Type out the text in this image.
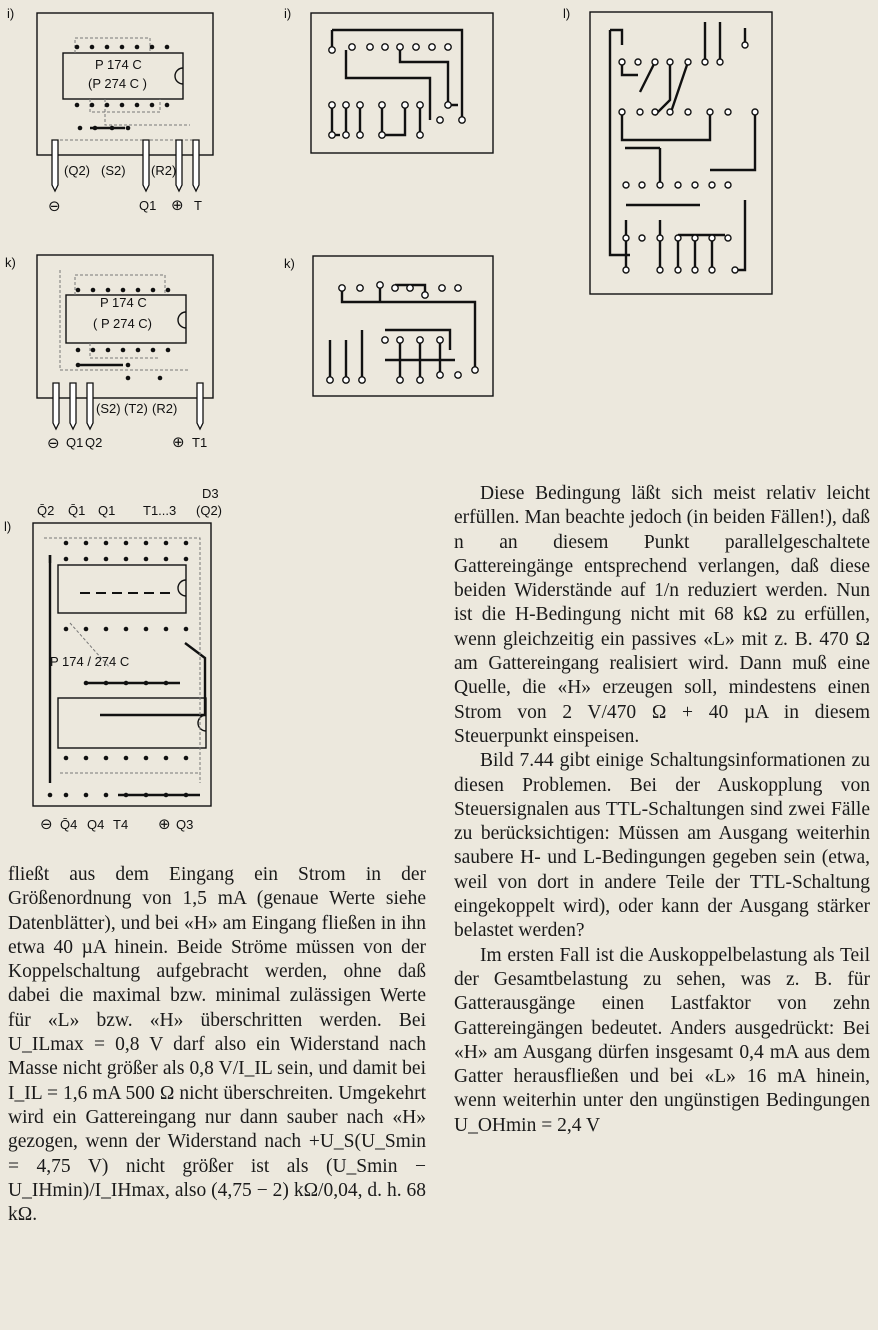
i)
P 174 C
(P 274 C )
(Q2) (S2) (R2)
⊖	Q1 ⊕ T
i)	l)
k)
P 174 C
( P 274 C)
(S2) (T2) (R2)
⊖ Q1 Q2	⊕ T1
k)
Q̄2 Q̄1 Q1 T1...3
D3
(Q2)
l)
P 174 / 274 C
⊖ Q̄4 Q4 T4 ⊕ Q3

fließt aus dem Eingang ein Strom in der Größenordnung von 1,5 mA (genaue Werte siehe Datenblätter), und bei «H» am Eingang fließen in ihn etwa 40 µA hinein. Beide Ströme müssen von der Koppelschaltung aufgebracht werden, ohne daß dabei die maximal bzw. minimal zulässigen Werte für «L» bzw. «H» überschritten werden. Bei U_ILmax = 0,8 V darf also ein Widerstand nach Masse nicht größer als 0,8 V/I_IL sein, und damit bei I_IL = 1,6 mA 500 Ω nicht überschreiten. Umgekehrt wird ein Gattereingang nur dann sauber nach «H» gezogen, wenn der Widerstand nach +U_S(U_Smin = 4,75 V) nicht größer ist als (U_Smin − U_IHmin)/I_IHmax, also (4,75 − 2) kΩ/0,04, d. h. 68 kΩ.

Diese Bedingung läßt sich meist relativ leicht erfüllen. Man beachte jedoch (in beiden Fällen!), daß n an diesem Punkt parallelgeschaltete Gattereingänge entsprechend verlangen, daß diese beiden Widerstände auf 1/n reduziert werden. Nun ist die H-Bedingung nicht mit 68 kΩ zu erfüllen, wenn gleichzeitig ein passives «L» mit z. B. 470 Ω am Gattereingang realisiert wird. Dann muß eine Quelle, die «H» erzeugen soll, mindestens einen Strom von 2 V/470 Ω + 40 µA in diesem Steuerpunkt einspeisen.

Bild 7.44 gibt einige Schaltungsinformationen zu diesen Problemen. Bei der Auskopplung von Steuersignalen aus TTL-Schaltungen sind zwei Fälle zu berücksichtigen: Müssen am Ausgang weiterhin saubere H- und L-Bedingungen gegeben sein (etwa, weil von dort in andere Teile der TTL-Schaltung eingekoppelt wird), oder kann der Ausgang stärker belastet werden?

Im ersten Fall ist die Auskoppelbelastung als Teil der Gesamtbelastung zu sehen, was z. B. für Gatterausgänge einen Lastfaktor von zehn Gattereingängen bedeutet. Anders ausgedrückt: Bei «H» am Ausgang dürfen insgesamt 0,4 mA aus dem Gatter herausfließen und bei «L» 16 mA hinein, wenn weiterhin unter den ungünstigen Bedingungen U_OHmin = 2,4 V
